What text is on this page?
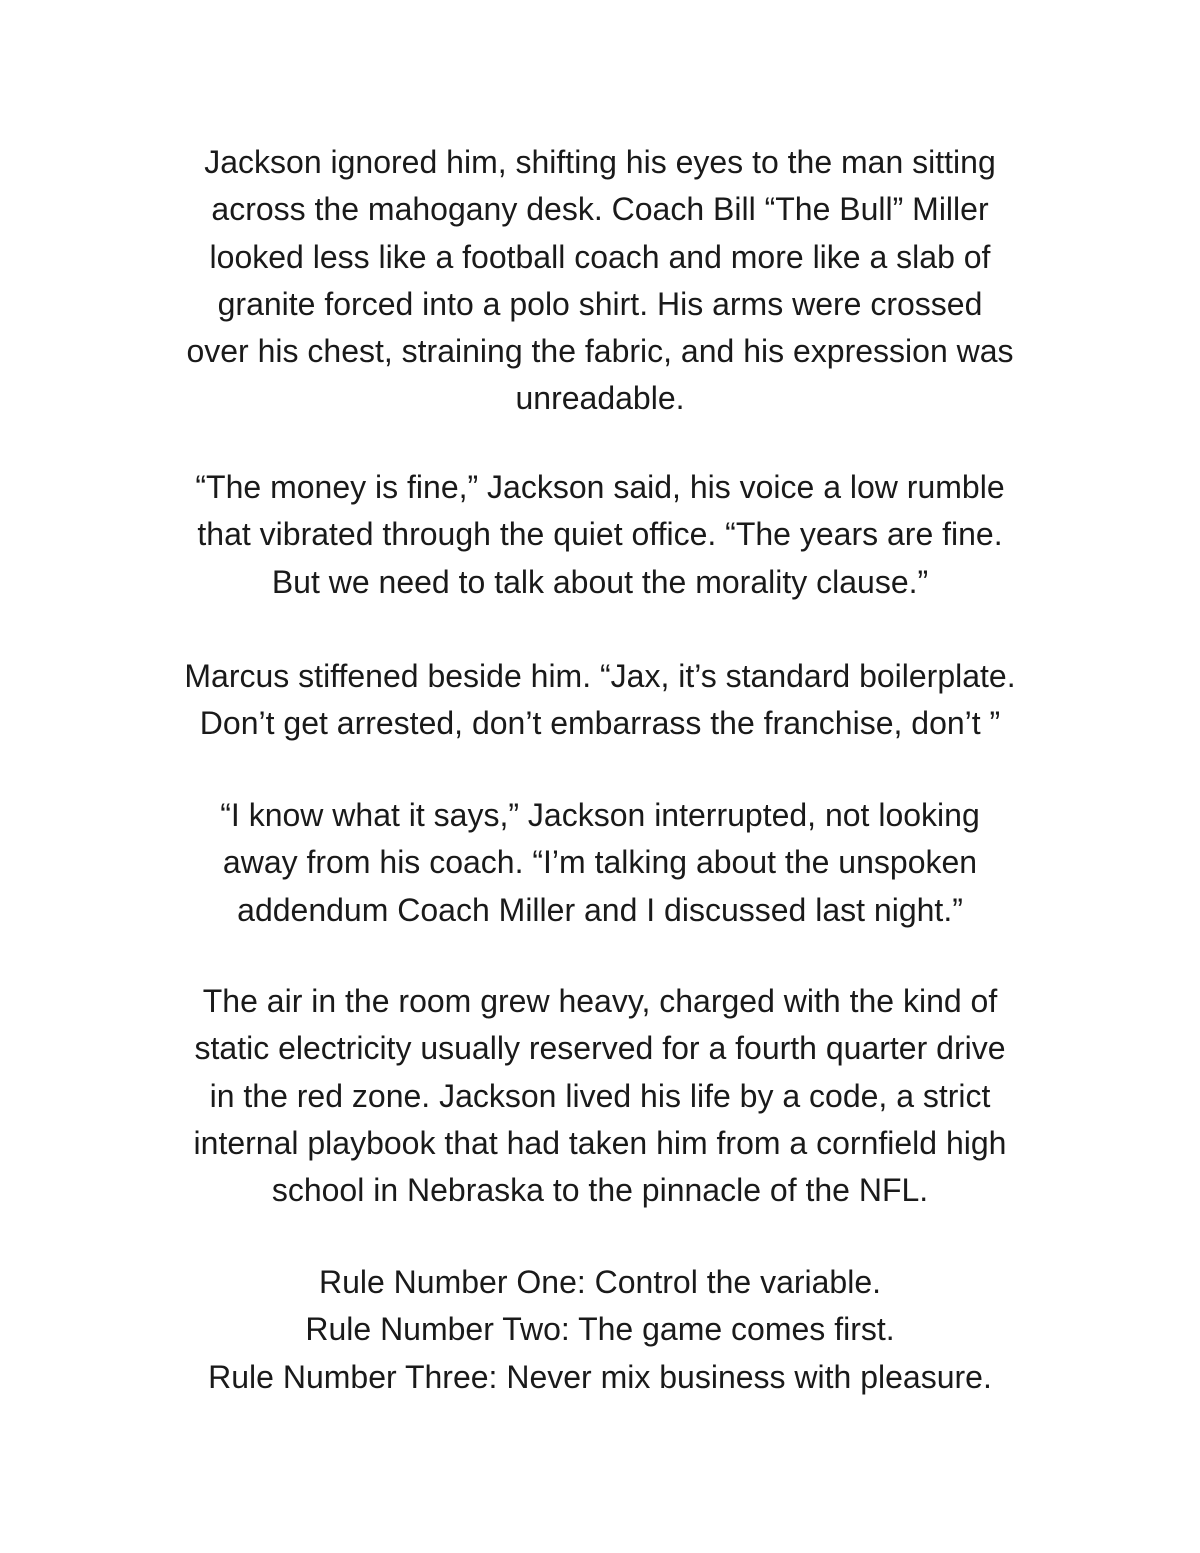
Jackson ignored him, shifting his eyes to the man sitting
across the mahogany desk. Coach Bill “The Bull” Miller
looked less like a football coach and more like a slab of
granite forced into a polo shirt. His arms were crossed
over his chest, straining the fabric, and his expression was
unreadable.

“The money is fine,” Jackson said, his voice a low rumble
that vibrated through the quiet office. “The years are fine.
But we need to talk about the morality clause.”

Marcus stiffened beside him. “Jax, it’s standard boilerplate.
Don’t get arrested, don’t embarrass the franchise, don’t ”

“I know what it says,” Jackson interrupted, not looking
away from his coach. “I’m talking about the unspoken
addendum Coach Miller and I discussed last night.”

The air in the room grew heavy, charged with the kind of
static electricity usually reserved for a fourth quarter drive
in the red zone. Jackson lived his life by a code, a strict
internal playbook that had taken him from a cornfield high
school in Nebraska to the pinnacle of the NFL.

Rule Number One: Control the variable.
Rule Number Two: The game comes first.
Rule Number Three: Never mix business with pleasure.
